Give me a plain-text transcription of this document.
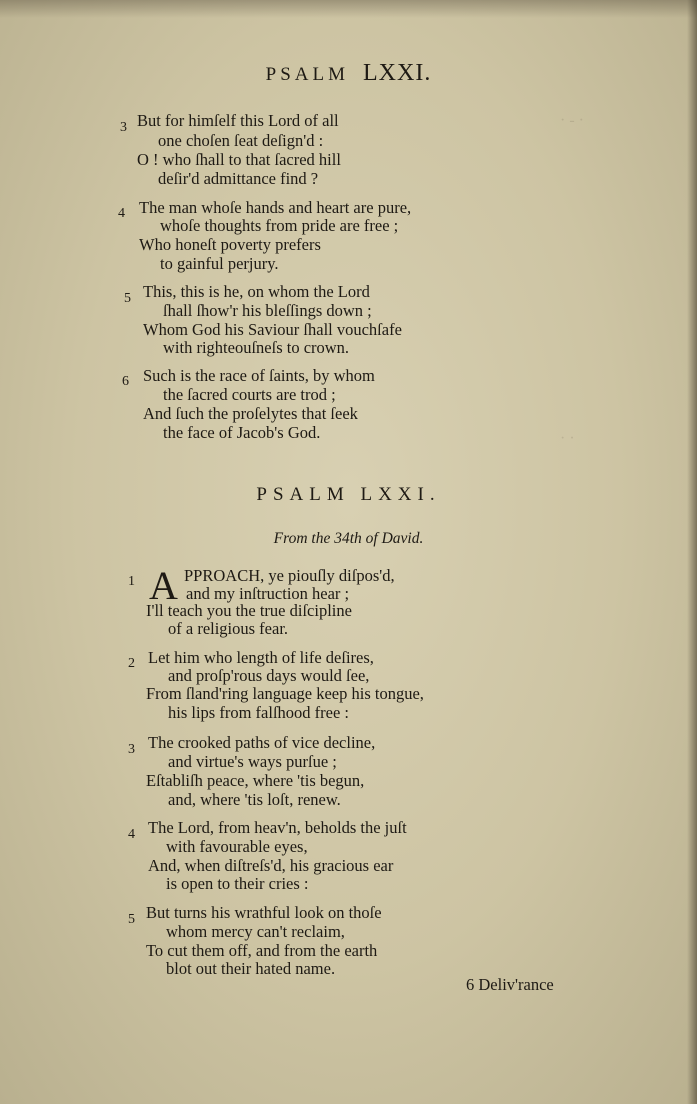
· - ·
· ·
PSALM LXXI.
3 But for himſelf this Lord of all
one choſen ſeat deſign'd :
O ! who ſhall to that ſacred hill
deſir'd admittance find ?
4 The man whoſe hands and heart are pure,
whoſe thoughts from pride are free ;
Who honeſt poverty prefers
to gainful perjury.
5 This, this is he, on whom the Lord
ſhall ſhow'r his bleſſings down ;
Whom God his Saviour ſhall vouchſafe
with righteouſneſs to crown.
6 Such is the race of ſaints, by whom
the ſacred courts are trod ;
And ſuch the proſelytes that ſeek
the face of Jacob's God.
PSALM LXXI.
From the 34th of David.
1 A PPROACH, ye piouſly diſpos'd,
and my inſtruction hear ;
I'll teach you the true diſcipline
of a religious fear.
2 Let him who length of life deſires,
and proſp'rous days would ſee,
From ſland'ring language keep his tongue,
his lips from falſhood free :
3 The crooked paths of vice decline,
and virtue's ways purſue ;
Eſtabliſh peace, where 'tis begun,
and, where 'tis loſt, renew.
4 The Lord, from heav'n, beholds the juſt
with favourable eyes,
And, when diſtreſs'd, his gracious ear
is open to their cries :
5 But turns his wrathful look on thoſe
whom mercy can't reclaim,
To cut them off, and from the earth
blot out their hated name.
6 Deliv'rance
